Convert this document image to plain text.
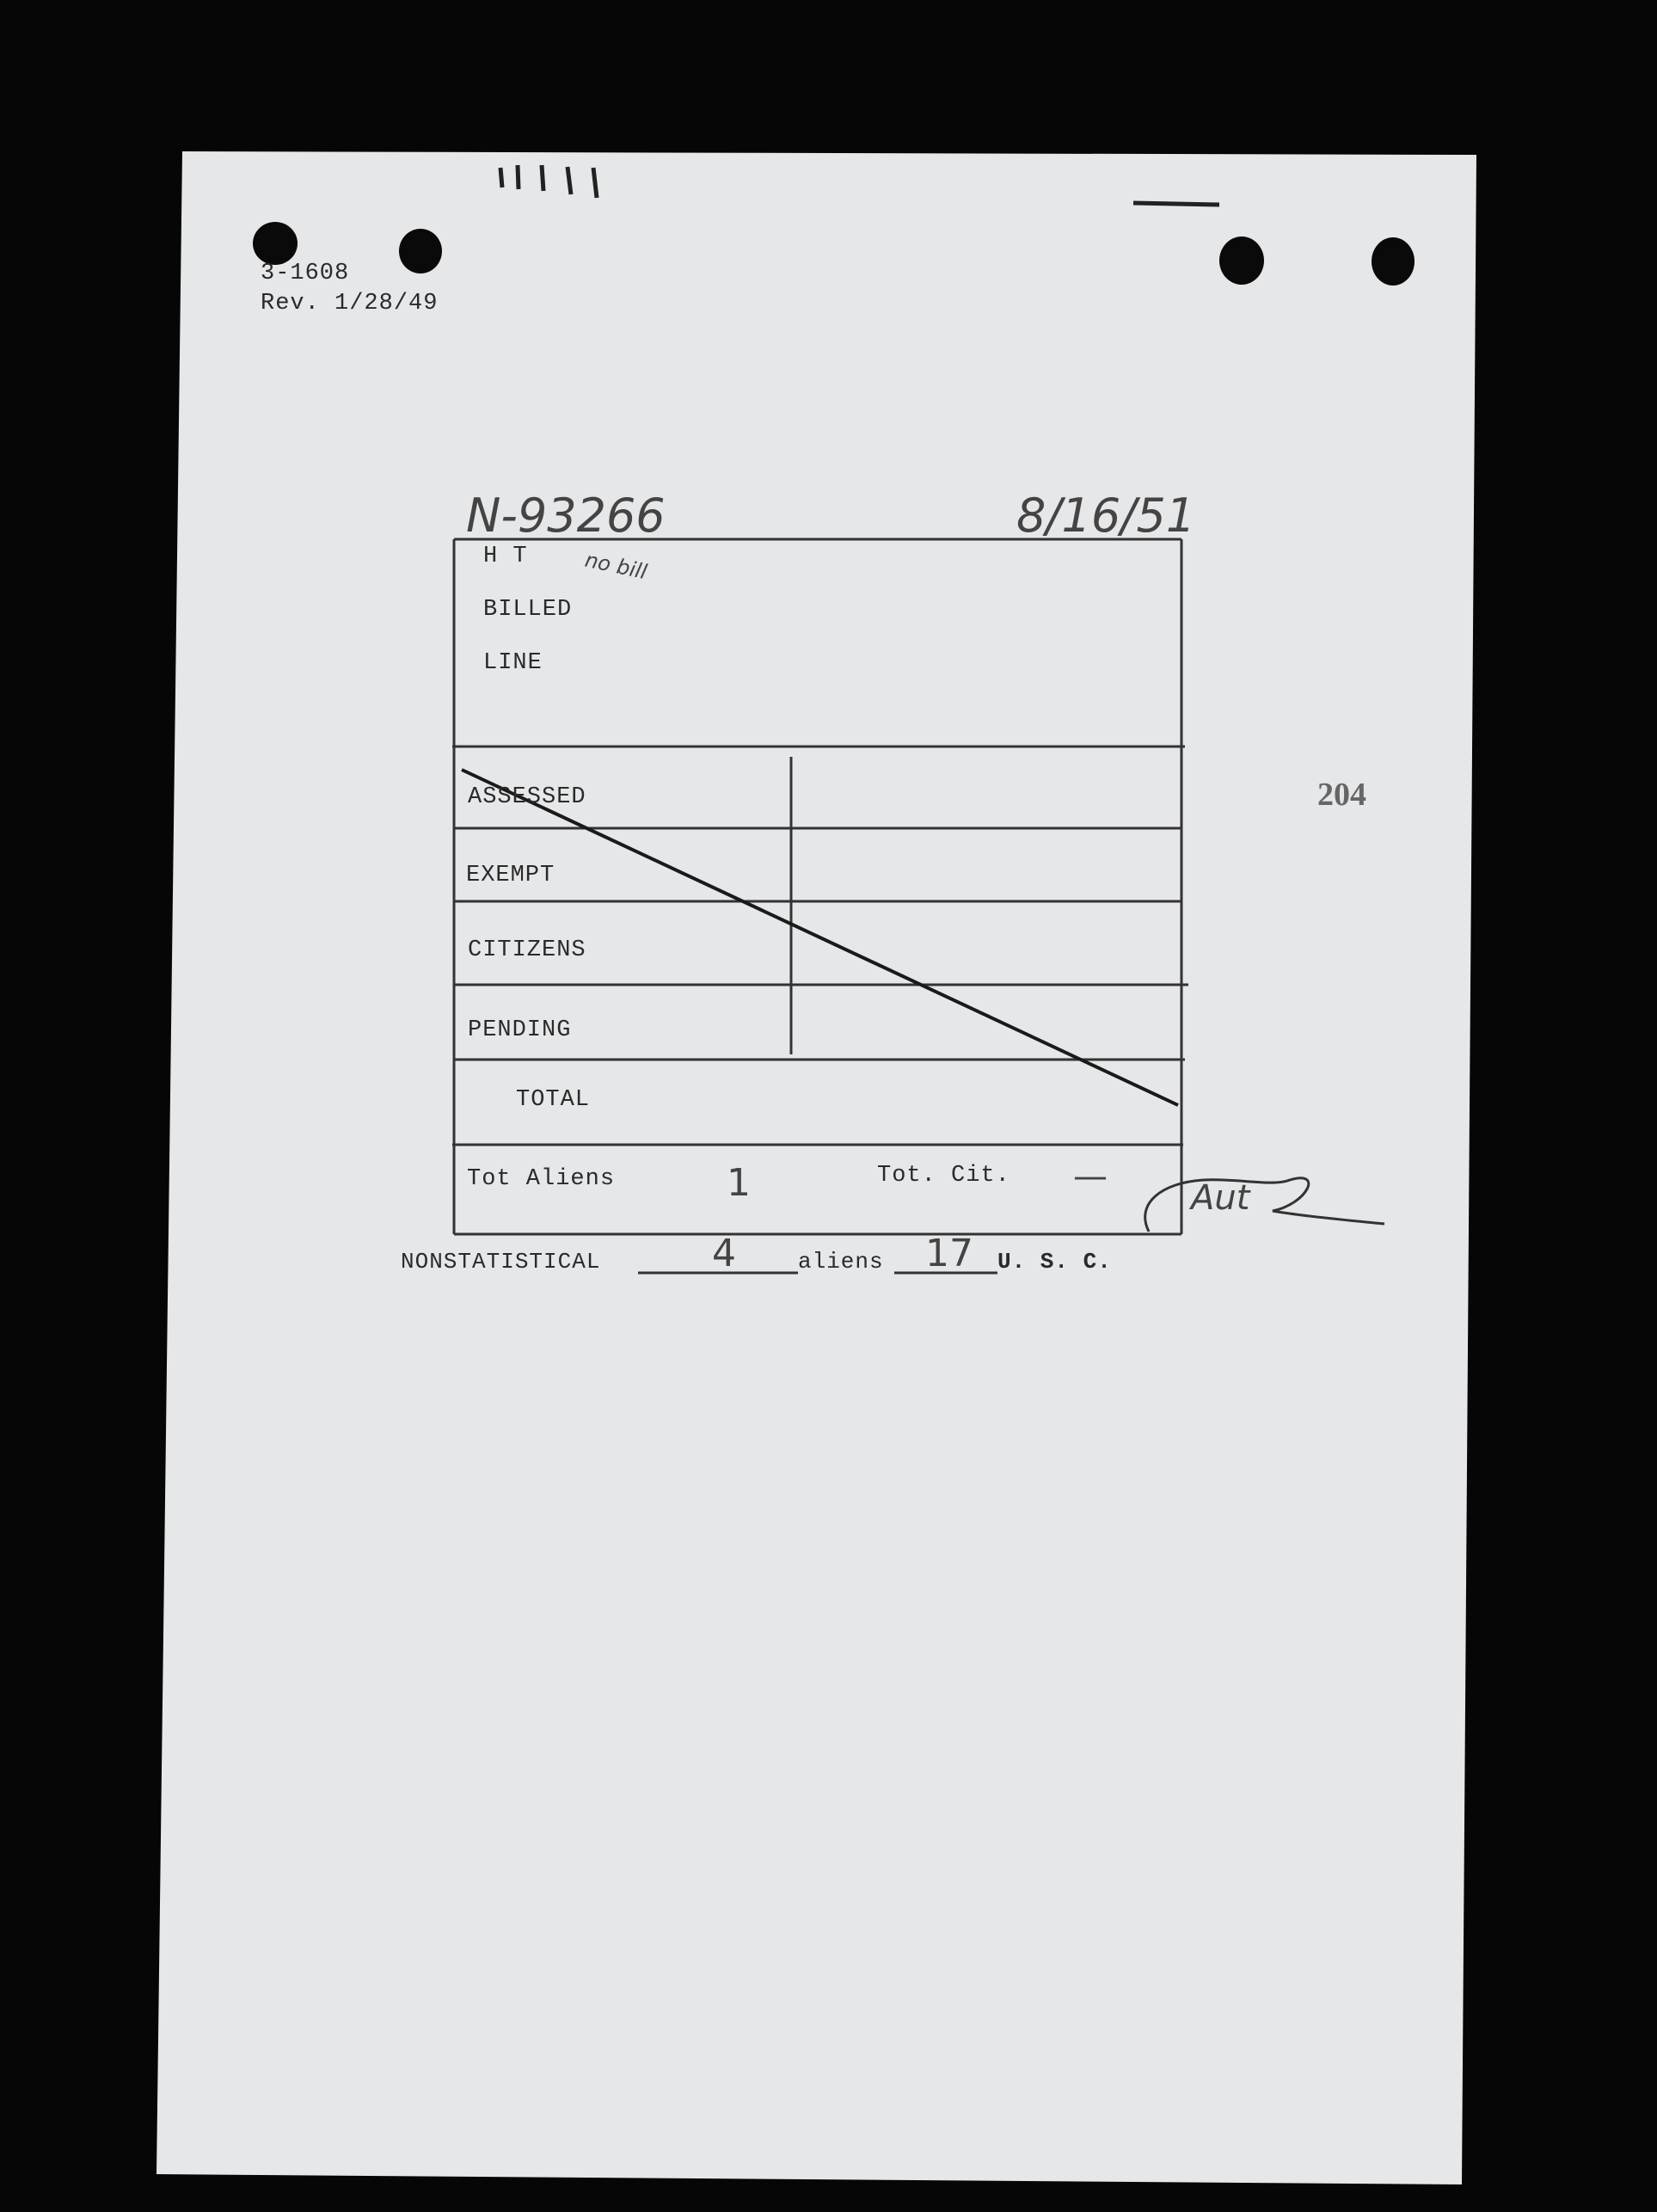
3-1608
Rev. 1/28/49
N-93266	8/16/51
no bill
H T
BILLED
LINE
ASSESSED
EXEMPT
CITIZENS
PENDING
TOTAL
Tot Aliens	1	Tot. Cit. —
Aut
204
NONSTATISTICAL	4	aliens 17 U. S. C.
